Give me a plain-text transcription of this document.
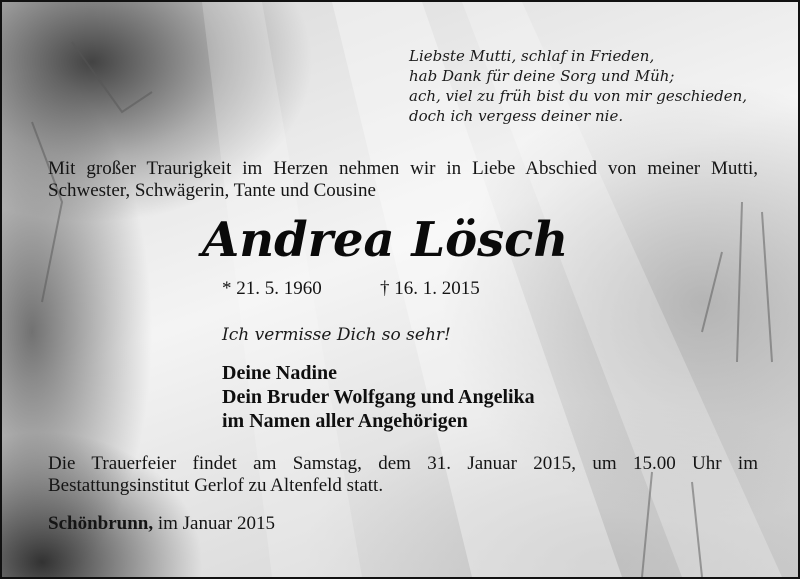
Liebste Mutti, schlaf in Frieden,
hab Dank für deine Sorg und Müh;
ach, viel zu früh bist du von mir geschieden,
doch ich vergess deiner nie.
Mit großer Traurigkeit im Herzen nehmen wir in Liebe Abschied von meiner Mutti, Schwester, Schwägerin, Tante und Cousine
Andrea Lösch
* 21. 5. 1960	† 16. 1. 2015
Ich vermisse Dich so sehr!
Deine Nadine
Dein Bruder Wolfgang und Angelika
im Namen aller Angehörigen
Die Trauerfeier findet am Samstag, dem 31. Januar 2015, um 15.00 Uhr im Bestattungsinstitut Gerlof zu Altenfeld statt.
Schönbrunn, im Januar 2015
